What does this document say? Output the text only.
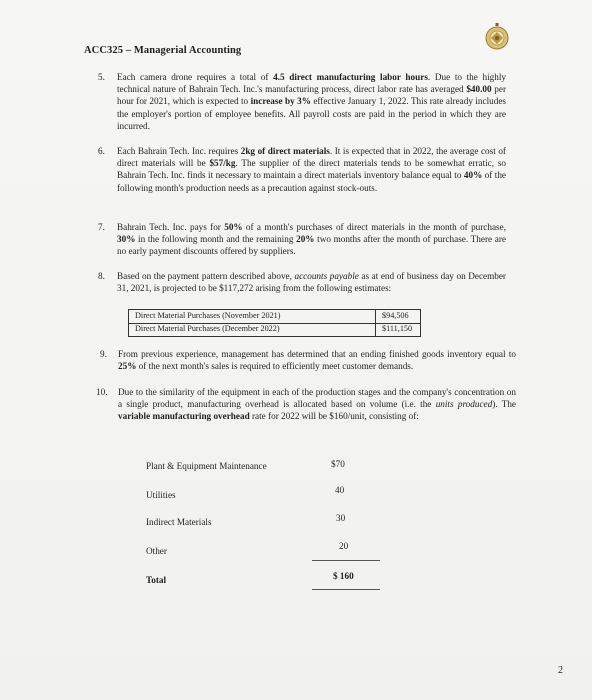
ACC325 – Managerial Accounting
5. Each camera drone requires a total of 4.5 direct manufacturing labor hours. Due to the highly technical nature of Bahrain Tech. Inc.'s manufacturing process, direct labor rate has averaged $40.00 per hour for 2021, which is expected to increase by 3% effective January 1, 2022. This rate already includes the employer's portion of employee benefits. All payroll costs are paid in the period in which they are incurred.
6. Each Bahrain Tech. Inc. requires 2kg of direct materials. It is expected that in 2022, the average cost of direct materials will be $57/kg. The supplier of the direct materials tends to be somewhat erratic, so Bahrain Tech. Inc. finds it necessary to maintain a direct materials inventory balance equal to 40% of the following month's production needs as a precaution against stock-outs.
7. Bahrain Tech. Inc. pays for 50% of a month's purchases of direct materials in the month of purchase, 30% in the following month and the remaining 20% two months after the month of purchase. There are no early payment discounts offered by suppliers.
8. Based on the payment pattern described above, accounts payable as at end of business day on December 31, 2021, is projected to be $117,272 arising from the following estimates:
Direct Material Purchases (November 2021)	$94,506
Direct Material Purchases (December 2022)	$111,150
9. From previous experience, management has determined that an ending finished goods inventory equal to 25% of the next month's sales is required to efficiently meet customer demands.
10. Due to the similarity of the equipment in each of the production stages and the company's concentration on a single product, manufacturing overhead is allocated based on volume (i.e. the units produced). The variable manufacturing overhead rate for 2022 will be $160/unit, consisting of:
Plant & Equipment Maintenance	$70
Utilities	40
Indirect Materials	30
Other	20
Total	$ 160
2
